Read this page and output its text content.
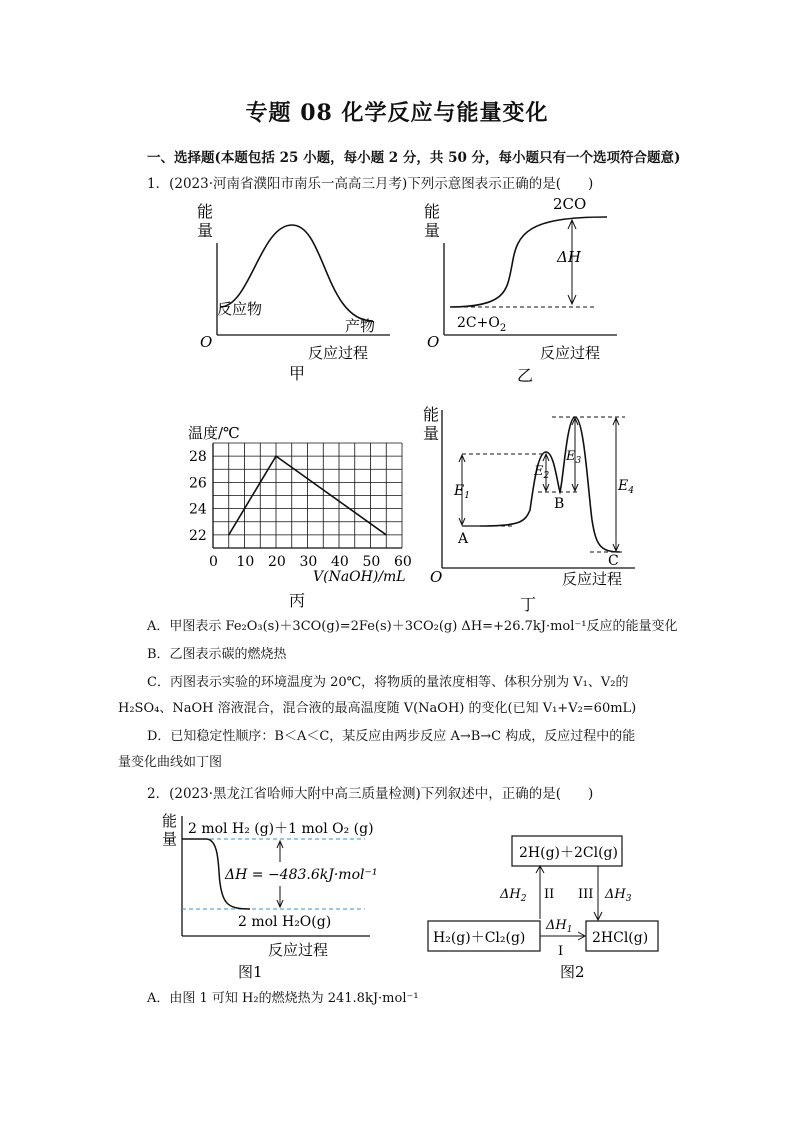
专题 08 化学反应与能量变化
一、选择题(本题包括 25 小题，每小题 2 分，共 50 分，每小题只有一个选项符合题意)
1．(2023·河南省濮阳市南乐一高高三月考)下列示意图表示正确的是(　　)
能
量
O
反应过程
反应物
产物
甲
能
量
O
反应过程
2CO
ΔH
$2C+O_2$
乙
温度/℃
28
26
24
22
0 10 20 30 40	60
50
V(NaOH)/mL
丙
能
量
O	反应过程
$E_1$
$E_2$
$E_3$
$E_4$
A
B
C
丁
A．甲图表示 Fe₂O₃(s)＋3CO(g)=2Fe(s)＋3CO₂(g) ΔH=+26.7kJ·mol⁻¹反应的能量变化
B．乙图表示碳的燃烧热
C．丙图表示实验的环境温度为 20℃，将物质的量浓度相等、体积分别为 V₁、V₂的
H₂SO₄、NaOH 溶液混合，混合液的最高温度随 V(NaOH) 的变化(已知 V₁+V₂=60mL)
D．已知稳定性顺序：B＜A＜C，某反应由两步反应 A→B→C 构成，反应过程中的能
量变化曲线如丁图
2．(2023·黑龙江省哈师大附中高三质量检测)下列叙述中，正确的是(　　)
能
量
2 mol H₂ (g)＋1 mol O₂ (g)
ΔH = −483.6kJ·mol⁻¹
2 mol H₂O(g)
反应过程
图1
2H(g)＋2Cl(g)
H₂(g)＋Cl₂(g)	2HCl(g)
$\Delta H_2$ II III $\Delta H_3$
$\Delta H_1$
I
图2
A．由图 1 可知 H₂的燃烧热为 241.8kJ·mol⁻¹
